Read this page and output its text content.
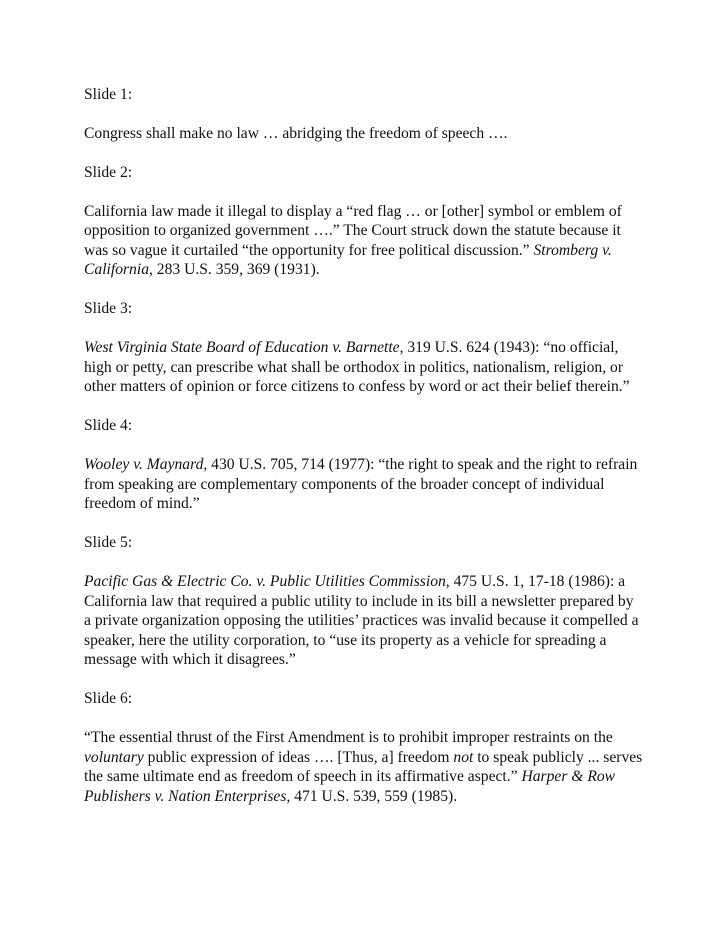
Slide 1:

Congress shall make no law … abridging the freedom of speech ….

Slide 2:

California law made it illegal to display a “red flag … or [other] symbol or emblem of opposition to organized government ….” The Court struck down the statute because it was so vague it curtailed “the opportunity for free political discussion.” Stromberg v. California, 283 U.S. 359, 369 (1931).

Slide 3:

West Virginia State Board of Education v. Barnette, 319 U.S. 624 (1943): “no official, high or petty, can prescribe what shall be orthodox in politics, nationalism, religion, or other matters of opinion or force citizens to confess by word or act their belief therein.”

Slide 4:

Wooley v. Maynard, 430 U.S. 705, 714 (1977): “the right to speak and the right to refrain from speaking are complementary components of the broader concept of individual freedom of mind.”

Slide 5:

Pacific Gas & Electric Co. v. Public Utilities Commission, 475 U.S. 1, 17-18 (1986): a California law that required a public utility to include in its bill a newsletter prepared by a private organization opposing the utilities’ practices was invalid because it compelled a speaker, here the utility corporation, to “use its property as a vehicle for spreading a message with which it disagrees.”

Slide 6:

“The essential thrust of the First Amendment is to prohibit improper restraints on the voluntary public expression of ideas …. [Thus, a] freedom not to speak publicly ... serves the same ultimate end as freedom of speech in its affirmative aspect.” Harper & Row Publishers v. Nation Enterprises, 471 U.S. 539, 559 (1985).
